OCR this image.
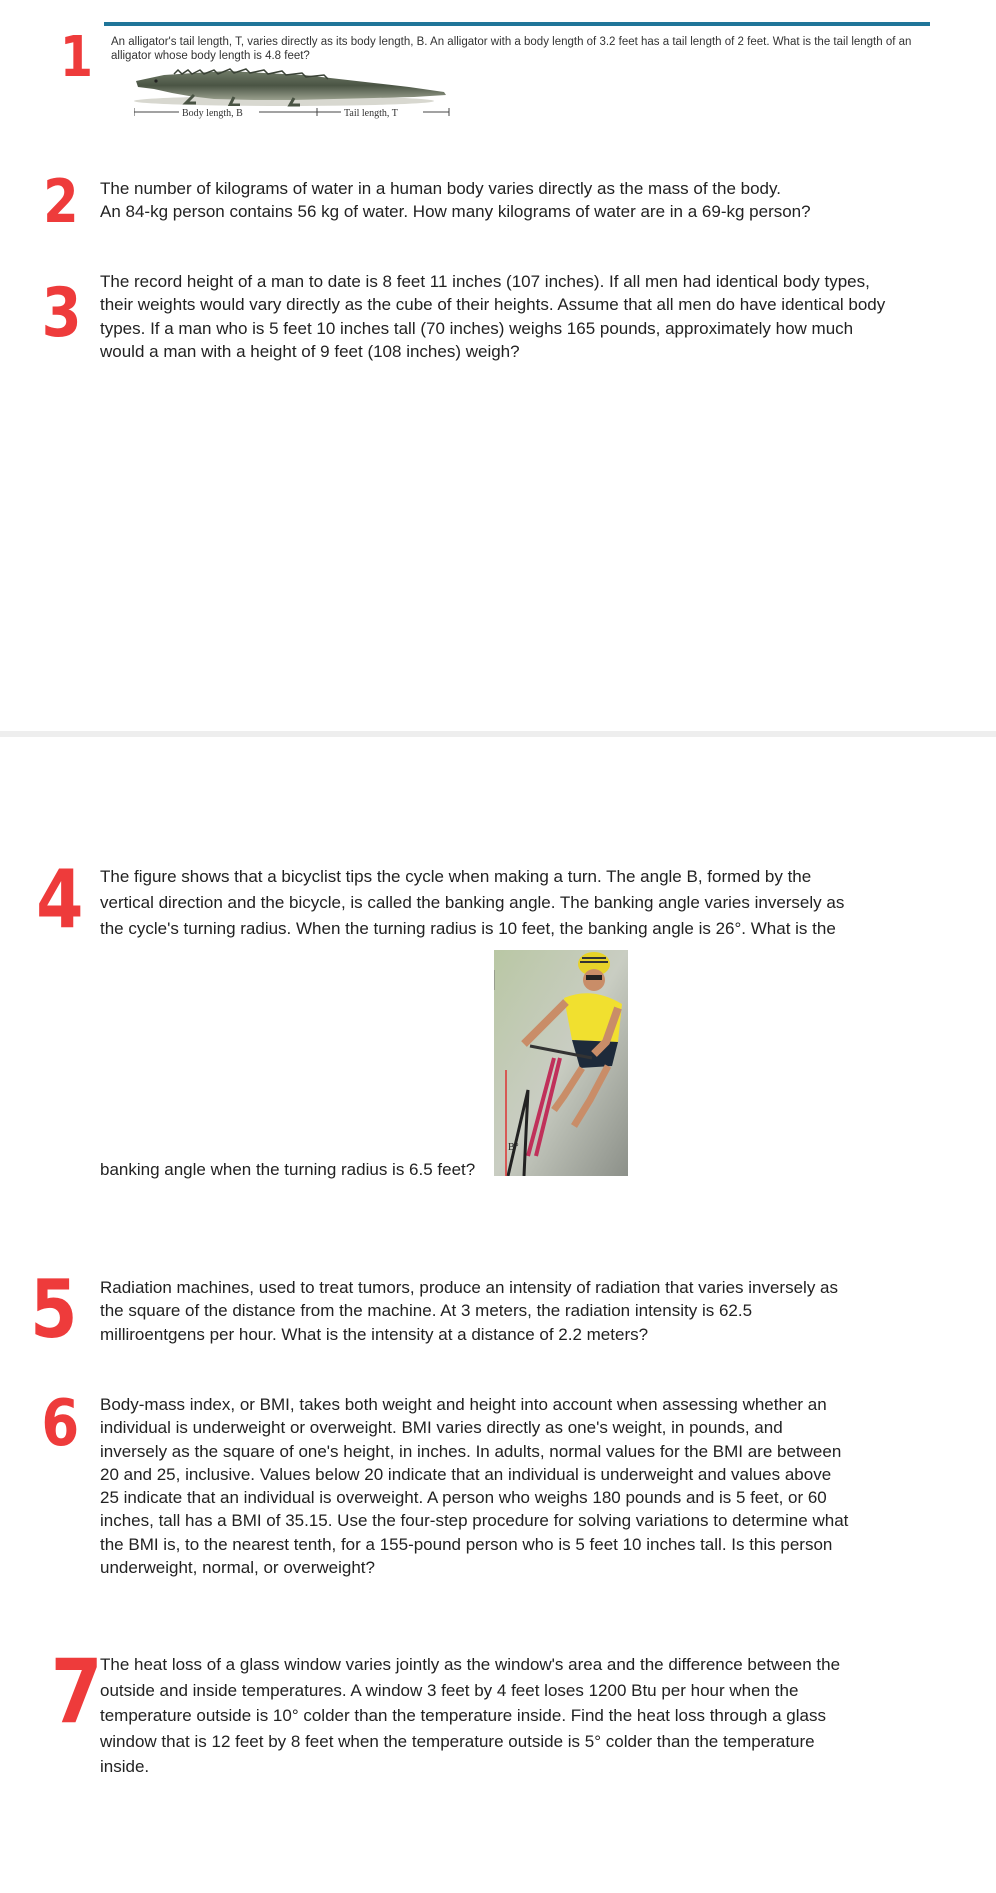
1 An alligator's tail length, T, varies directly as its body length, B. An alligator with a body length of 3.2 feet has a tail length of 2 feet. What is the tail length of an alligator whose body length is 4.8 feet?
Body length, B	Tail length, T
2 The number of kilograms of water in a human body varies directly as the mass of the body.
An 84-kg person contains 56 kg of water. How many kilograms of water are in a 69-kg person?
3 The record height of a man to date is 8 feet 11 inches (107 inches). If all men had identical body types,
their weights would vary directly as the cube of their heights. Assume that all men do have identical body
types. If a man who is 5 feet 10 inches tall (70 inches) weighs 165 pounds, approximately how much
would a man with a height of 9 feet (108 inches) weigh?
4 The figure shows that a bicyclist tips the cycle when making a turn. The angle B, formed by the
vertical direction and the bicycle, is called the banking angle. The banking angle varies inversely as
the cycle's turning radius. When the turning radius is 10 feet, the banking angle is 26°. What is the
B°
banking angle when the turning radius is 6.5 feet?
5 Radiation machines, used to treat tumors, produce an intensity of radiation that varies inversely as
the square of the distance from the machine. At 3 meters, the radiation intensity is 62.5
milliroentgens per hour. What is the intensity at a distance of 2.2 meters?
6 Body-mass index, or BMI, takes both weight and height into account when assessing whether an
individual is underweight or overweight. BMI varies directly as one's weight, in pounds, and
inversely as the square of one's height, in inches. In adults, normal values for the BMI are between
20 and 25, inclusive. Values below 20 indicate that an individual is underweight and values above
25 indicate that an individual is overweight. A person who weighs 180 pounds and is 5 feet, or 60
inches, tall has a BMI of 35.15. Use the four-step procedure for solving variations to determine what
the BMI is, to the nearest tenth, for a 155-pound person who is 5 feet 10 inches tall. Is this person
underweight, normal, or overweight?
7
The heat loss of a glass window varies jointly as the window's area and the difference between the
outside and inside temperatures. A window 3 feet by 4 feet loses 1200 Btu per hour when the
temperature outside is 10° colder than the temperature inside. Find the heat loss through a glass
window that is 12 feet by 8 feet when the temperature outside is 5° colder than the temperature
inside.
